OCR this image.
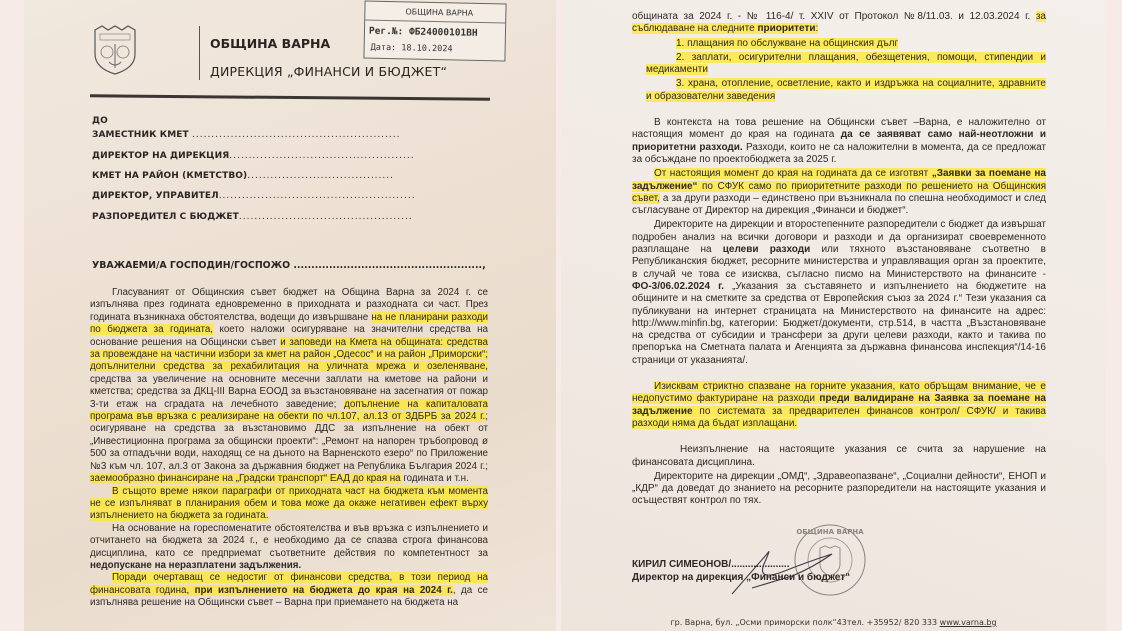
ОБЩИНА ВАРНА
ДИРЕКЦИЯ „ФИНАНСИ И БЮДЖЕТ“
ОБЩИНА ВАРНА
Рег.№: ФБ24000101ВН
Дата: 18.10.2024
ДО
ЗАМЕСТНИК КМЕТ ......................................................
ДИРЕКТОР НА ДИРЕКЦИЯ................................................
КМЕТ НА РАЙОН (КМЕТСТВО)......................................
ДИРЕКТОР, УПРАВИТЕЛ...................................................
РАЗПОРЕДИТЕЛ С БЮДЖЕТ.............................................
УВАЖАЕМИ/А ГОСПОДИН/ГОСПОЖО .....................................................,

Гласуваният от Общинския съвет бюджет на Община Варна за 2024 г. се изпълнява през годината едновременно в приходната и разходната си част. През годината възникнаха обстоятелства, водещи до извършване на не планирани разходи по бюджета за годината, което наложи осигуряване на значителни средства на основание решения на Общински съвет и заповеди на Кмета на общината: средства за провеждане на частични избори за кмет на район „Одесос“ и на район „Приморски“; допълнителни средства за рехабилитация на уличната мрежа и озеленяване, средства за увеличение на основните месечни заплати на кметове на райони и кметства; средства за ДКЦ-III Варна ЕООД за възстановяване на засегнатия от пожар 3-ти етаж на сградата на лечебното заведение; допълнение на капиталовата програма във връзка с реализиране на обекти по чл.107, ал.13 от ЗДБРБ за 2024 г.; осигуряване на средства за възстановимо ДДС за изпълнение на обект от „Инвестиционна програма за общински проекти“: „Ремонт на напорен тръбопровод ø 500 за отпадъчни води, находящ се на дъното на Варненското езеро“ по Приложение №3 към чл. 107, ал.3 от Закона за държавния бюджет на Република България 2024 г.; заемообразно финансиране на „Градски транспорт“ ЕАД до края на годината и т.н.

В същото време някои параграфи от приходната част на бюджета към момента не се изпълняват в планирания обем и това може да окаже негативен ефект върху изпълнението на бюджета за годината.

На основание на гореспоменатите обстоятелства и във връзка с изпълнението и отчитането на бюджета за 2024 г., е необходимо да се спазва строга финансова дисциплина, като се предприемат съответните действия по компетентност за недопускане на неразплатени задължения.

Поради очертаващ се недостиг от финансови средства, в този период на финансовата година, при изпълнението на бюджета до края на 2024 г., да се изпълнява решение на Общински съвет – Варна при приемането на бюджета на

общината за 2024 г. - № 116-4/ т. XXIV от Протокол №8/11.03. и 12.03.2024 г. за съблюдаване на следните приоритети:

1. плащания по обслужване на общинския дълг

2. заплати, осигурителни плащания, обезщетения, помощи, стипендии и медикаменти

3. храна, отопление, осветление, както и издръжка на социалните, здравните и образователни заведения

В контекста на това решение на Общински съвет –Варна, е наложително от настоящия момент до края на годината да се заявяват само най-неотложни и приоритетни разходи. Разходи, които не са наложителни в момента, да се предложат за обсъждане по проектобюджета за 2025 г.

От настоящия момент до края на годината да се изготвят „Заявки за поемане на задължение“ по СФУК само по приоритетните разходи по решението на Общинския съвет, а за други разходи – единствено при възникнала по спешна необходимост и след съгласуване от Директор на дирекция „Финанси и бюджет“.

Директорите на дирекции и второстепенните разпоредители с бюджет да извършат подробен анализ на всички договори и разходи и да организират своевременното разплащане на целеви разходи или тяхното възстановяване съответно в Републиканския бюджет, ресорните министерства и управляващия орган за проектите, в случай че това се изисква, съгласно писмо на Министерството на финансите - ФО-3/06.02.2024 г. „Указания за съставянето и изпълнението на бюджетите на общините и на сметките за средства от Европейския съюз за 2024 г.“ Тези указания са публикувани на интернет страницата на Министерството на финансите на адрес: http://www.minfin.bg, категории: Бюджет/документи, стр.514, в частта „Възстановяване на средства от субсидии и трансфери за други целеви разходи, както и такива по препоръка на Сметната палата и Агенцията за държавна финансова инспекция“/14-16 страници от указанията/.

Изисквам стриктно спазване на горните указания, като обръщам внимание, че е недопустимо фактуриране на разходи преди валидиране на Заявка за поемане на задължение по системата за предварителен финансов контрол/ СФУК/ и такива разходи няма да бъдат изплащани.

Неизпълнение на настоящите указания се счита за нарушение на финансовата дисциплина.

Директорите на дирекции „ОМД“, „Здравеопазване“, „Социални дейности“, ЕНОП и „КДР“ да доведат до знанието на ресорните разпоредители на настоящите указания и осъществят контрол по тях.

ОБЩИНА ВАРНА
КИРИЛ СИМЕОНОВ/.....................
Директор на дирекция „Финанси и бюджет“
гр. Варна, бул. „Осми приморски полк“43тел. +35952/ 820 333 www.varna.bg
